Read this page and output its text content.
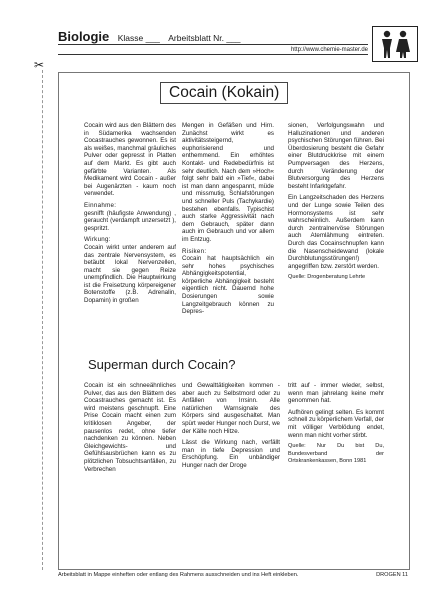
Biologie Klasse ___ Arbeitsblatt Nr. ___
http://www.chemie-master.de
✂
Cocain (Kokain)

Cocain wird aus den Blättern des in Südamerika wachsenden Cocastrauches gewonnen. Es ist als weißes, manchmal gräuliches Pulver oder gepresst in Platten auf dem Markt. Es gibt auch gefärbte Varianten. Als Medikament wird Cocain - außer bei Augenärzten - kaum noch verwendet.

Einnahme:

gesnifft (häufigste Anwendung) , geraucht (verdampft unzersetzt ), gespritzt.

Wirkung:

Cocain wirkt unter anderem auf das zentrale Nervensystem, es betäubt lokal Nervenzellen, macht sie gegen Reize unempfindlich. Die Hauptwirkung ist die Freisetzung körpereigener Botenstoffe (z.B. Adrenalin, Dopamin) in großen

Mengen in Gefäßen und Hirn. Zunächst wirkt es aktivitätssteigernd, euphorisierend und enthemmend. Ein erhöhtes Kontakt- und Redebedürfnis ist sehr deutlich. Nach dem »Hoch« folgt sehr bald ein »Tief«, dabei ist man dann angespannt, müde und missmutig, Schlafstörungen und schneller Puls (Tachykardie) bestehen ebenfalls. Typischist auch starke Aggressivität nach dem Gebrauch, später dann auch im Gebrauch und vor allem im Entzug.

Risiken:

Cocain hat hauptsächlich ein sehr hohes psychisches Abhängigkeitspotential, körperliche Abhängigkeit besteht eigentlich nicht. Dauernd hohe Dosierungen sowie Langzeitgebrauch können zu Depres-

sionen, Verfolgungswahn und Halluzinationen und anderen psychischen Störungen führen. Bei Überdosierung besteht die Gefahr einer Blutdruckkrise mit einem Pumpversagen des Herzens, durch Veränderung der Blutversorgung des Herzens besteht Infarktgefahr.

Ein Langzeitschaden des Herzens und der Lunge sowie Teilen des Hormonsystems ist sehr wahrscheinlich. Außerdem kann durch zentralnervöse Störungen auch Atemlähmung eintreten. Durch das Cocainschnupfen kann die Nasenscheidewand (lokale Durchblutungsstörungen!) angegriffen bzw. zerstört werden.

Quelle: Drogenberatung Lehrte

Superman durch Cocain?

Cocain ist ein schneeähnliches Pulver, das aus den Blättern des Cocastrauches gemacht ist. Es wird meistens geschnupft. Eine Prise Cocain macht einen zum kritiklosen Angeber, der pausenlos redet, ohne tiefer nachdenken zu können. Neben Gleichgewichts- und Gefühlsausbrüchen kann es zu plötzlichen Tobsuchtsanfällen, zu Verbrechen

und Gewalttätigkeiten kommen - aber auch zu Selbstmord oder zu Anfällen von Irrsinn. Alle natürlichen Warnsignale des Körpers sind ausgeschaltet. Man spürt weder Hunger noch Durst, we der Kälte noch Hitze.

Lässt die Wirkung nach, verfällt man in tiefe Depression und Erschöpfung. Ein unbändiger Hunger nach der Droge

tritt auf - immer wieder, selbst, wenn man jahrelang keine mehr genommen hat.

Aufhören gelingt selten. Es kommt schnell zu körperlichem Verfall, der mit völliger Verblödung endet, wenn man nicht vorher stirbt.

Quelle: Nur Du bist Du, Bundesverband der Ortskrankenkassen, Bonn 1981

Arbeitsblatt in Mappe einheften oder entlang des Rahmens ausschneiden und ins Heft einkleben.	DROGEN 11
